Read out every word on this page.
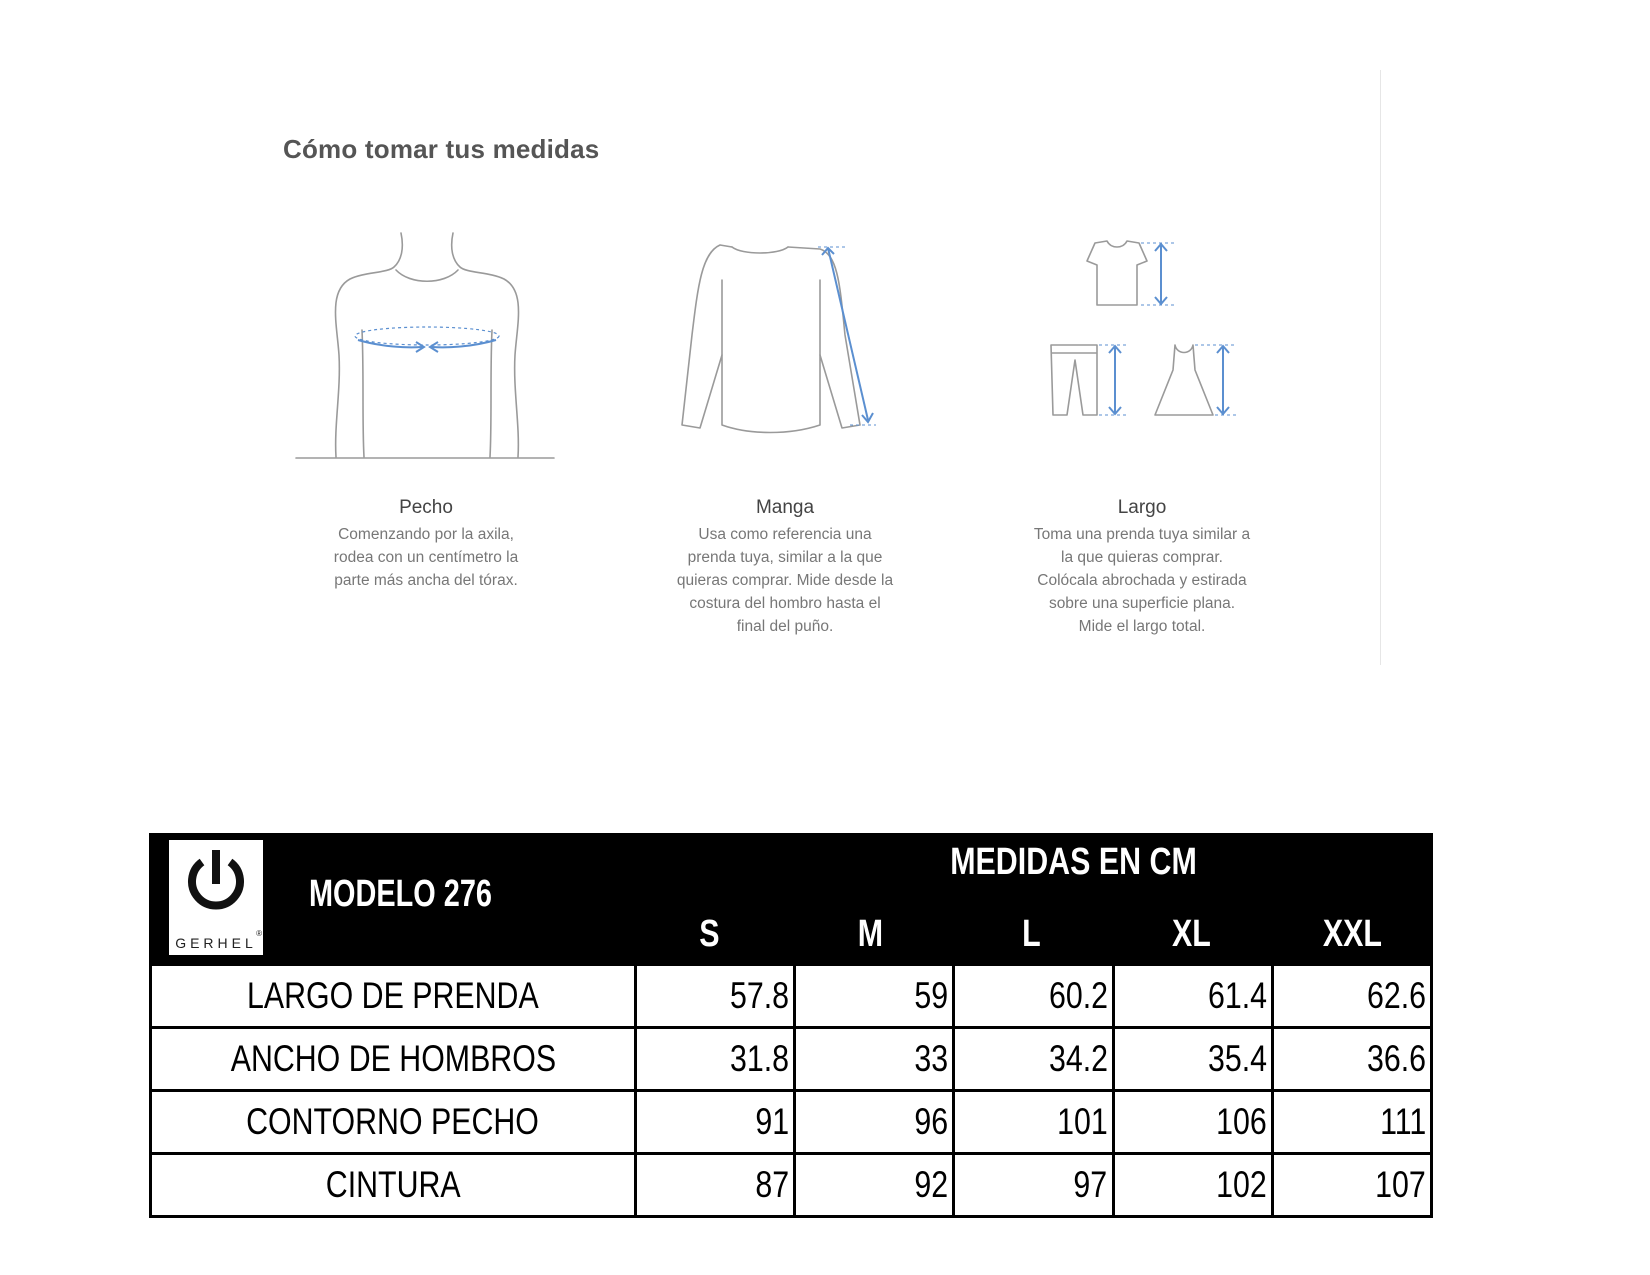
Cómo tomar tus medidas
Pecho
Comenzando por la axila,
rodea con un centímetro la
parte más ancha del tórax.
Manga
Usa como referencia una
prenda tuya, similar a la que
quieras comprar. Mide desde la
costura del hombro hasta el
final del puño.
Largo
Toma una prenda tuya similar a
la que quieras comprar.
Colócala abrochada y estirada
sobre una superficie plana.
Mide el largo total.
GERHEL
®
MODELO 276
MEDIDAS EN CM
S	M	L	XL	XXL
LARGO DE PRENDA	57.8	59	60.2	61.4	62.6
ANCHO DE HOMBROS	31.8	33	34.2	35.4	36.6
CONTORNO PECHO	91	96	101	106	111
CINTURA	87	92	97	102	107
